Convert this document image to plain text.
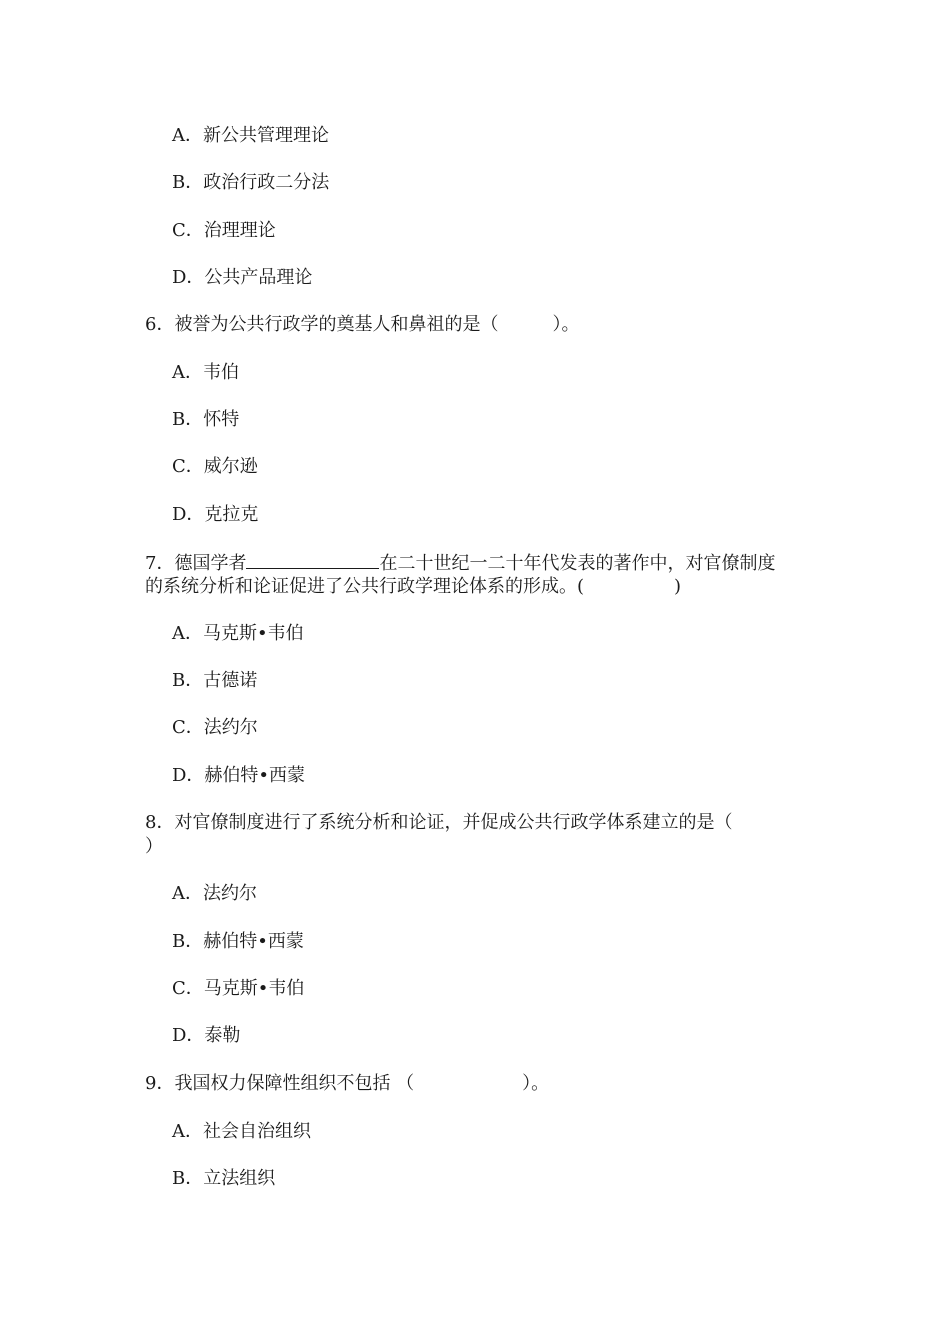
A．新公共管理理论
B．政治行政二分法
C．治理理论
D．公共产品理论
6．被誉为公共行政学的奠基人和鼻祖的是（　　　）。
A．韦伯
B．怀特
C．威尔逊
D．克拉克
7．德国学者	在二十世纪一二十年代发表的著作中，对官僚制度
的系统分析和论证促进了公共行政学理论体系的形成。(　　　　　)
A．马克斯•韦伯
B．古德诺
C．法约尔
D．赫伯特•西蒙
8．对官僚制度进行了系统分析和论证，并促成公共行政学体系建立的是（
）
A．法约尔
B．赫伯特•西蒙
C．马克斯•韦伯
D．泰勒
9．我国权力保障性组织不包括 （　　　　　　）。
A．社会自治组织
B．立法组织
